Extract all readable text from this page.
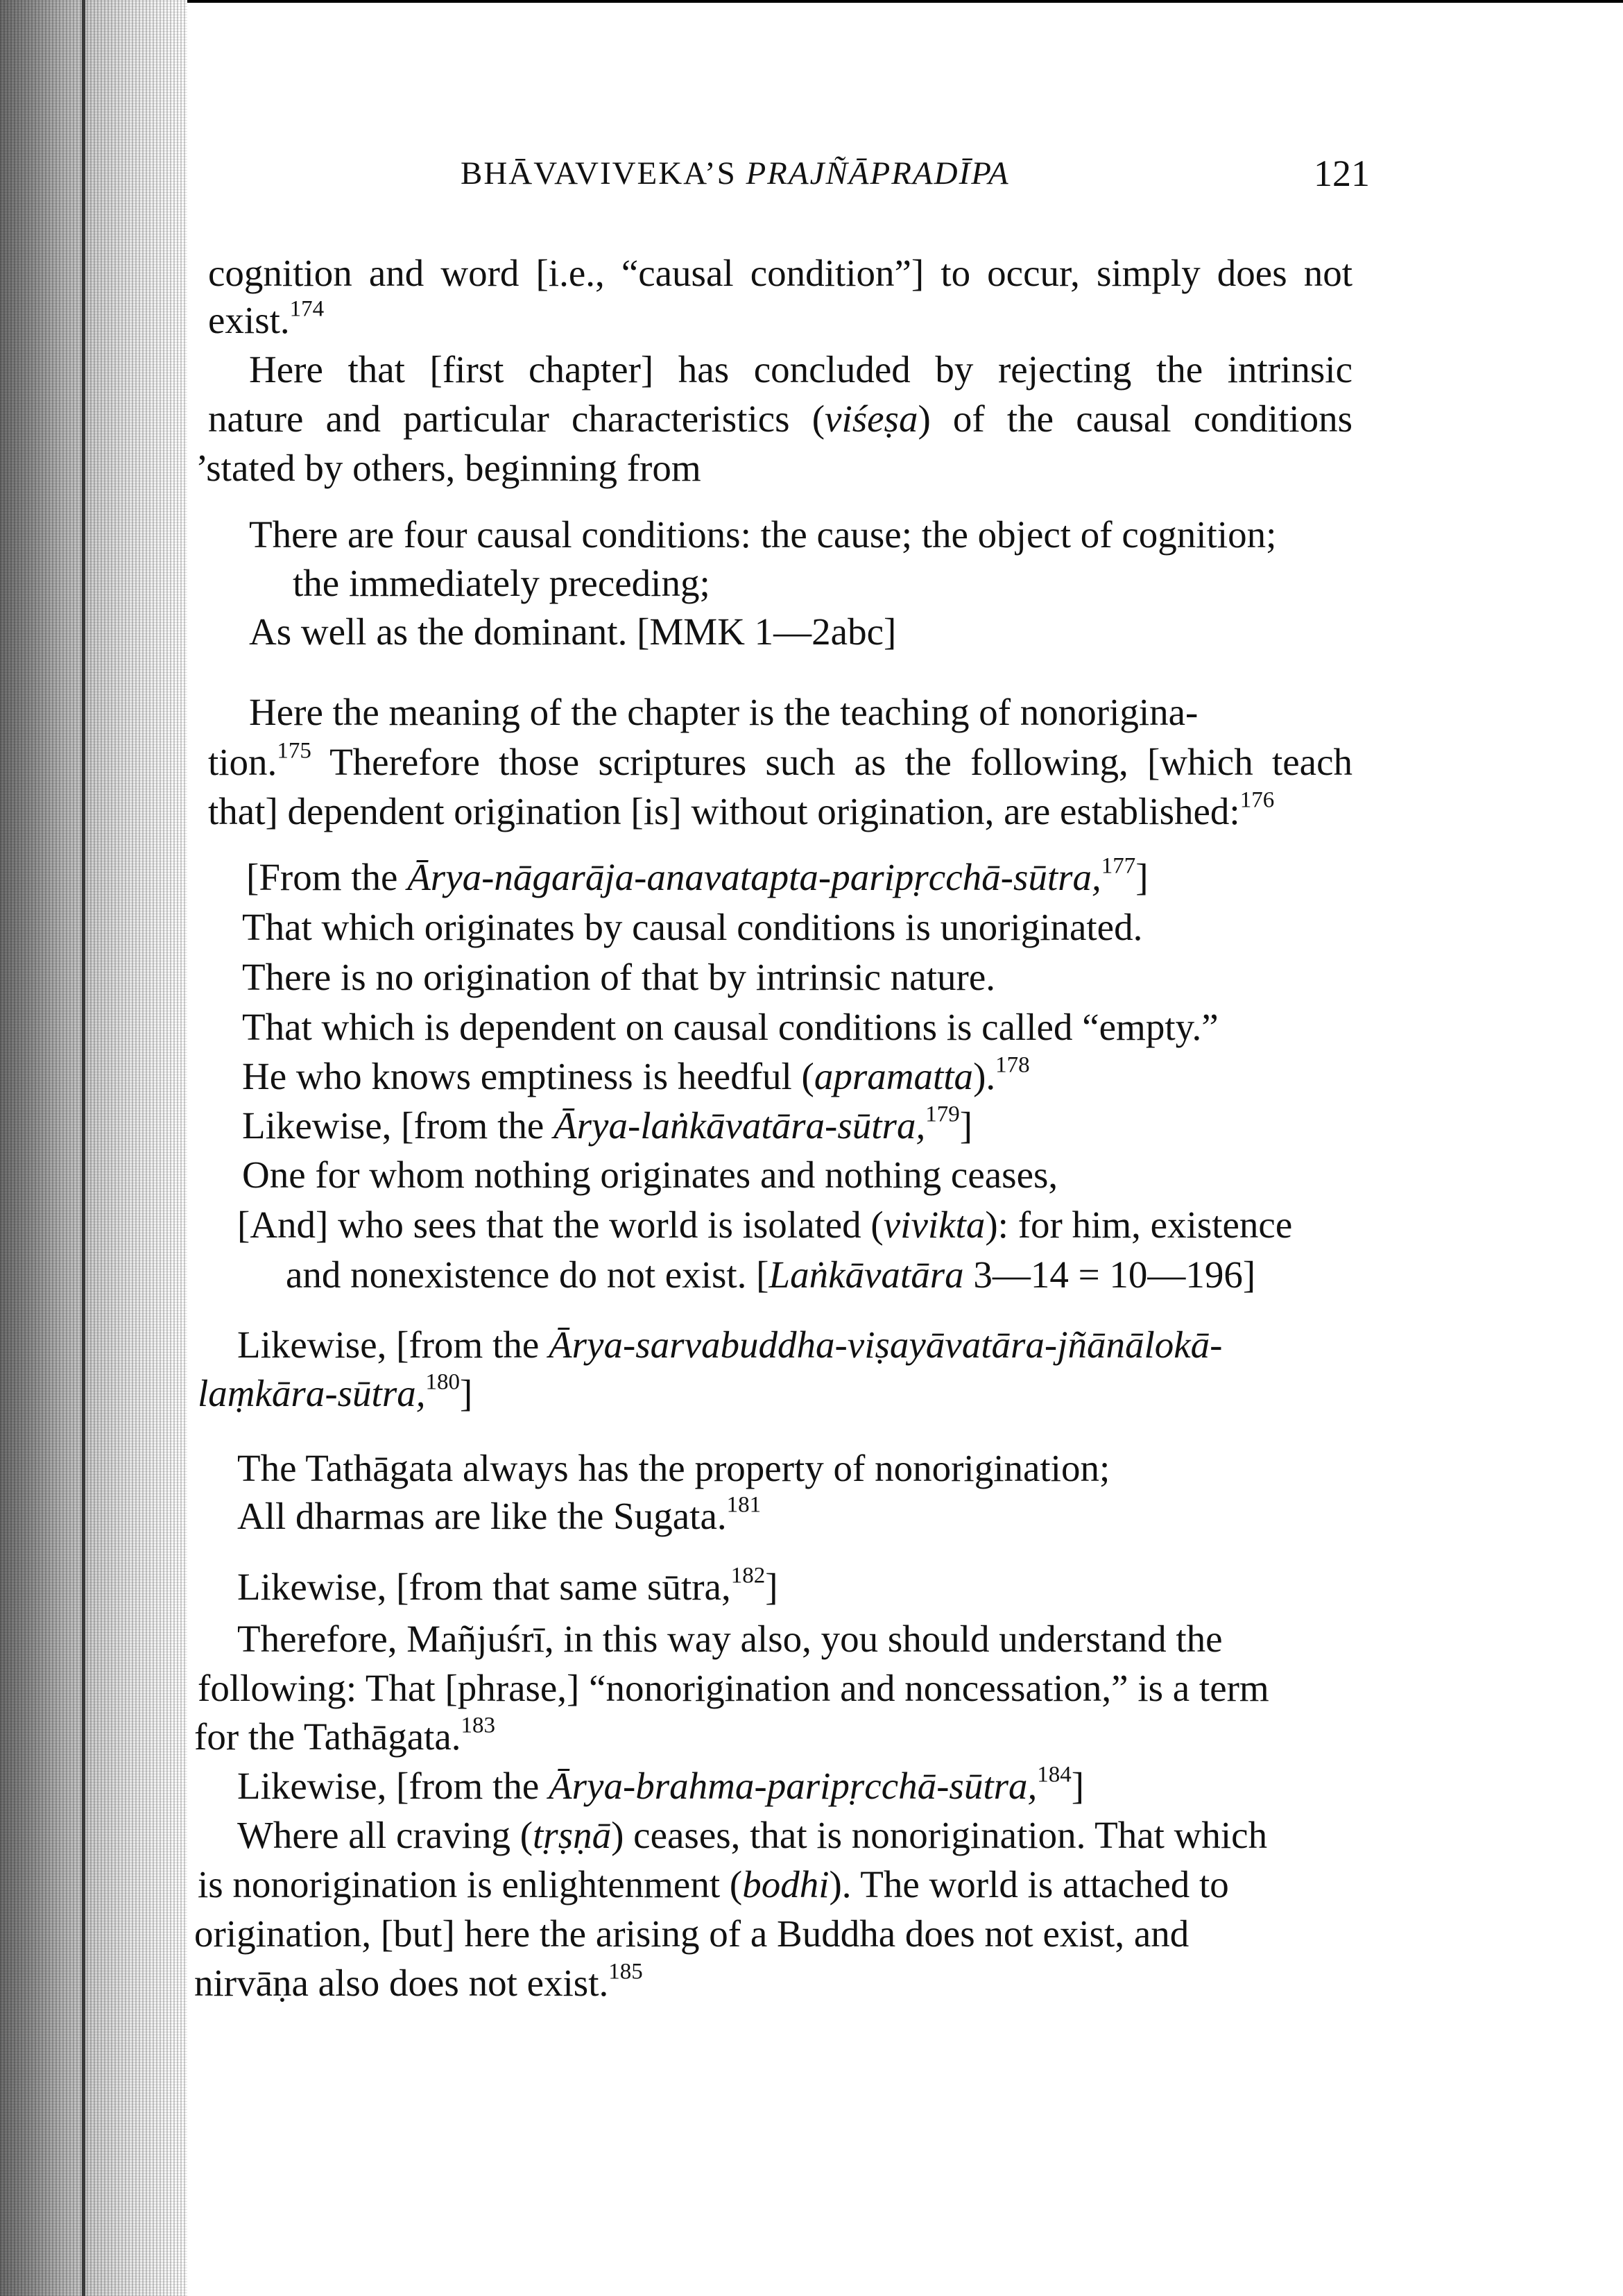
BHĀVAVIVEKA’S PRAJÑĀPRADĪPA	121
cognition and word [i.e., “causal condition”] to occur, simply does not
exist.$^{174}$
Here that [first chapter] has concluded by rejecting the intrinsic
nature and particular characteristics (viśeṣa) of the causal conditions
’stated by others, beginning from
There are four causal conditions: the cause; the object of cognition;
the immediately preceding;
As well as the dominant. [MMK 1—2abc]
Here the meaning of the chapter is the teaching of nonorigina-
tion.$^{175}$ Therefore those scriptures such as the following, [which teach
that] dependent origination [is] without origination, are established:$^{176}$
[From the Ārya-nāgarāja-anavatapta-paripṛcchā-sūtra,$^{177}$]
That which originates by causal conditions is unoriginated.
There is no origination of that by intrinsic nature.
That which is dependent on causal conditions is called “empty.”
He who knows emptiness is heedful (apramatta).$^{178}$
Likewise, [from the Ārya-laṅkāvatāra-sūtra,$^{179}$]
One for whom nothing originates and nothing ceases,
[And] who sees that the world is isolated (vivikta): for him, existence
and nonexistence do not exist. [Laṅkāvatāra 3—14 = 10—196]
Likewise, [from the Ārya-sarvabuddha-viṣayāvatāra-jñānālokā-
laṃkāra-sūtra,$^{180}$]
The Tathāgata always has the property of nonorigination;
All dharmas are like the Sugata.$^{181}$
Likewise, [from that same sūtra,$^{182}$]
Therefore, Mañjuśrī, in this way also, you should understand the
following: That [phrase,] “nonorigination and noncessation,” is a term
for the Tathāgata.$^{183}$
Likewise, [from the Ārya-brahma-paripṛcchā-sūtra,$^{184}$]
Where all craving (tṛṣṇā) ceases, that is nonorigination. That which
is nonorigination is enlightenment (bodhi). The world is attached to
origination, [but] here the arising of a Buddha does not exist, and
nirvāṇa also does not exist.$^{185}$
